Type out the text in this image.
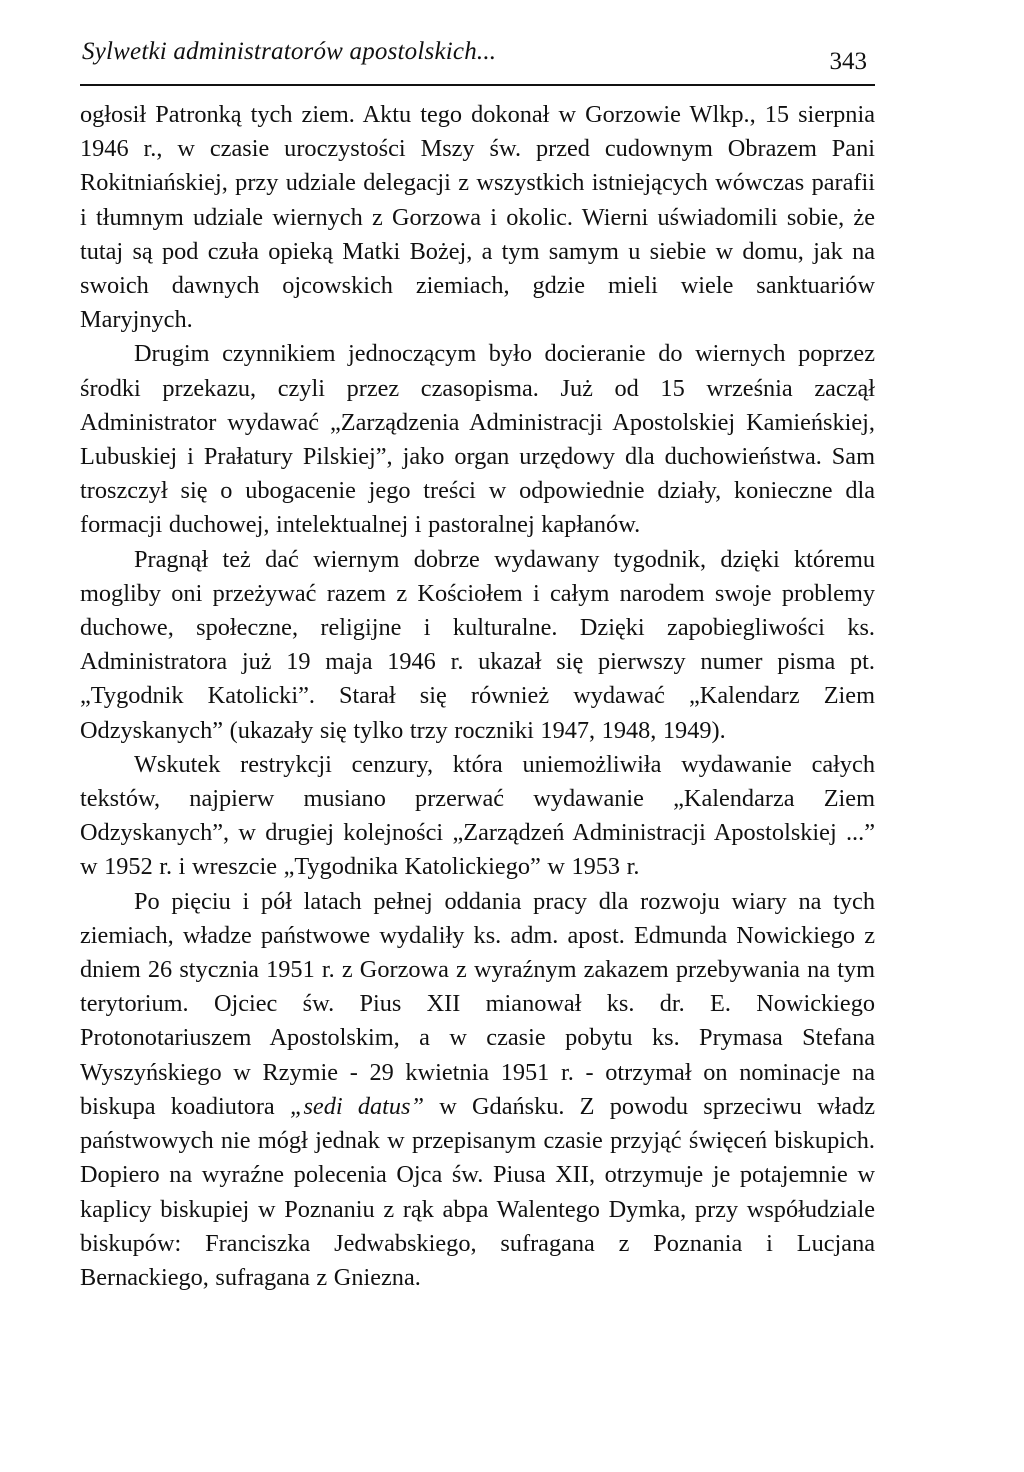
Sylwetki administratorów apostolskich...	343

ogłosił Patronką tych ziem. Aktu tego dokonał w Gorzowie Wlkp., 15 sierpnia 1946 r., w czasie uroczystości Mszy św. przed cudownym Obrazem Pani Rokitniańskiej, przy udziale delegacji z wszystkich istniejących wówczas parafii i tłumnym udziale wiernych z Gorzowa i okolic. Wierni uświadomili sobie, że tutaj są pod czuła opieką Matki Bożej, a tym samym u siebie w domu, jak na swoich dawnych ojcowskich ziemiach, gdzie mieli wiele sanktuariów Maryjnych.

Drugim czynnikiem jednoczącym było docieranie do wiernych poprzez środki przekazu, czyli przez czasopisma. Już od 15 września zaczął Administrator wydawać „Zarządzenia Administracji Apostolskiej Kamieńskiej, Lubuskiej i Prałatury Pilskiej”, jako organ urzędowy dla duchowieństwa. Sam troszczył się o ubogacenie jego treści w odpowiednie działy, konieczne dla formacji duchowej, intelektualnej i pastoralnej kapłanów.

Pragnął też dać wiernym dobrze wydawany tygodnik, dzięki któremu mogliby oni przeżywać razem z Kościołem i całym narodem swoje problemy duchowe, społeczne, religijne i kulturalne. Dzięki zapobiegliwości ks. Administratora już 19 maja 1946 r. ukazał się pierwszy numer pisma pt. „Tygodnik Katolicki”. Starał się również wydawać „Kalendarz Ziem Odzyskanych” (ukazały się tylko trzy roczniki 1947, 1948, 1949).

Wskutek restrykcji cenzury, która uniemożliwiła wydawanie całych tekstów, najpierw musiano przerwać wydawanie „Kalendarza Ziem Odzyskanych”, w drugiej kolejności „Zarządzeń Administracji Apostolskiej ...” w 1952 r. i wreszcie „Tygodnika Katolickiego” w 1953 r.

Po pięciu i pół latach pełnej oddania pracy dla rozwoju wiary na tych ziemiach, władze państwowe wydaliły ks. adm. apost. Edmunda Nowickiego z dniem 26 stycznia 1951 r. z Gorzowa z wyraźnym zakazem przebywania na tym terytorium. Ojciec św. Pius XII mianował ks. dr. E. Nowickiego Protonotariuszem Apostolskim, a w czasie pobytu ks. Prymasa Stefana Wyszyńskiego w Rzymie - 29 kwietnia 1951 r. - otrzymał on nominacje na biskupa koadiutora „sedi datus” w Gdańsku. Z powodu sprzeciwu władz państwowych nie mógł jednak w przepisanym czasie przyjąć święceń biskupich. Dopiero na wyraźne polecenia Ojca św. Piusa XII, otrzymuje je potajemnie w kaplicy biskupiej w Poznaniu z rąk abpa Walentego Dymka, przy współudziale biskupów: Franciszka Jedwabskiego, sufragana z Poznania i Lucjana Bernackiego, sufragana z Gniezna.
